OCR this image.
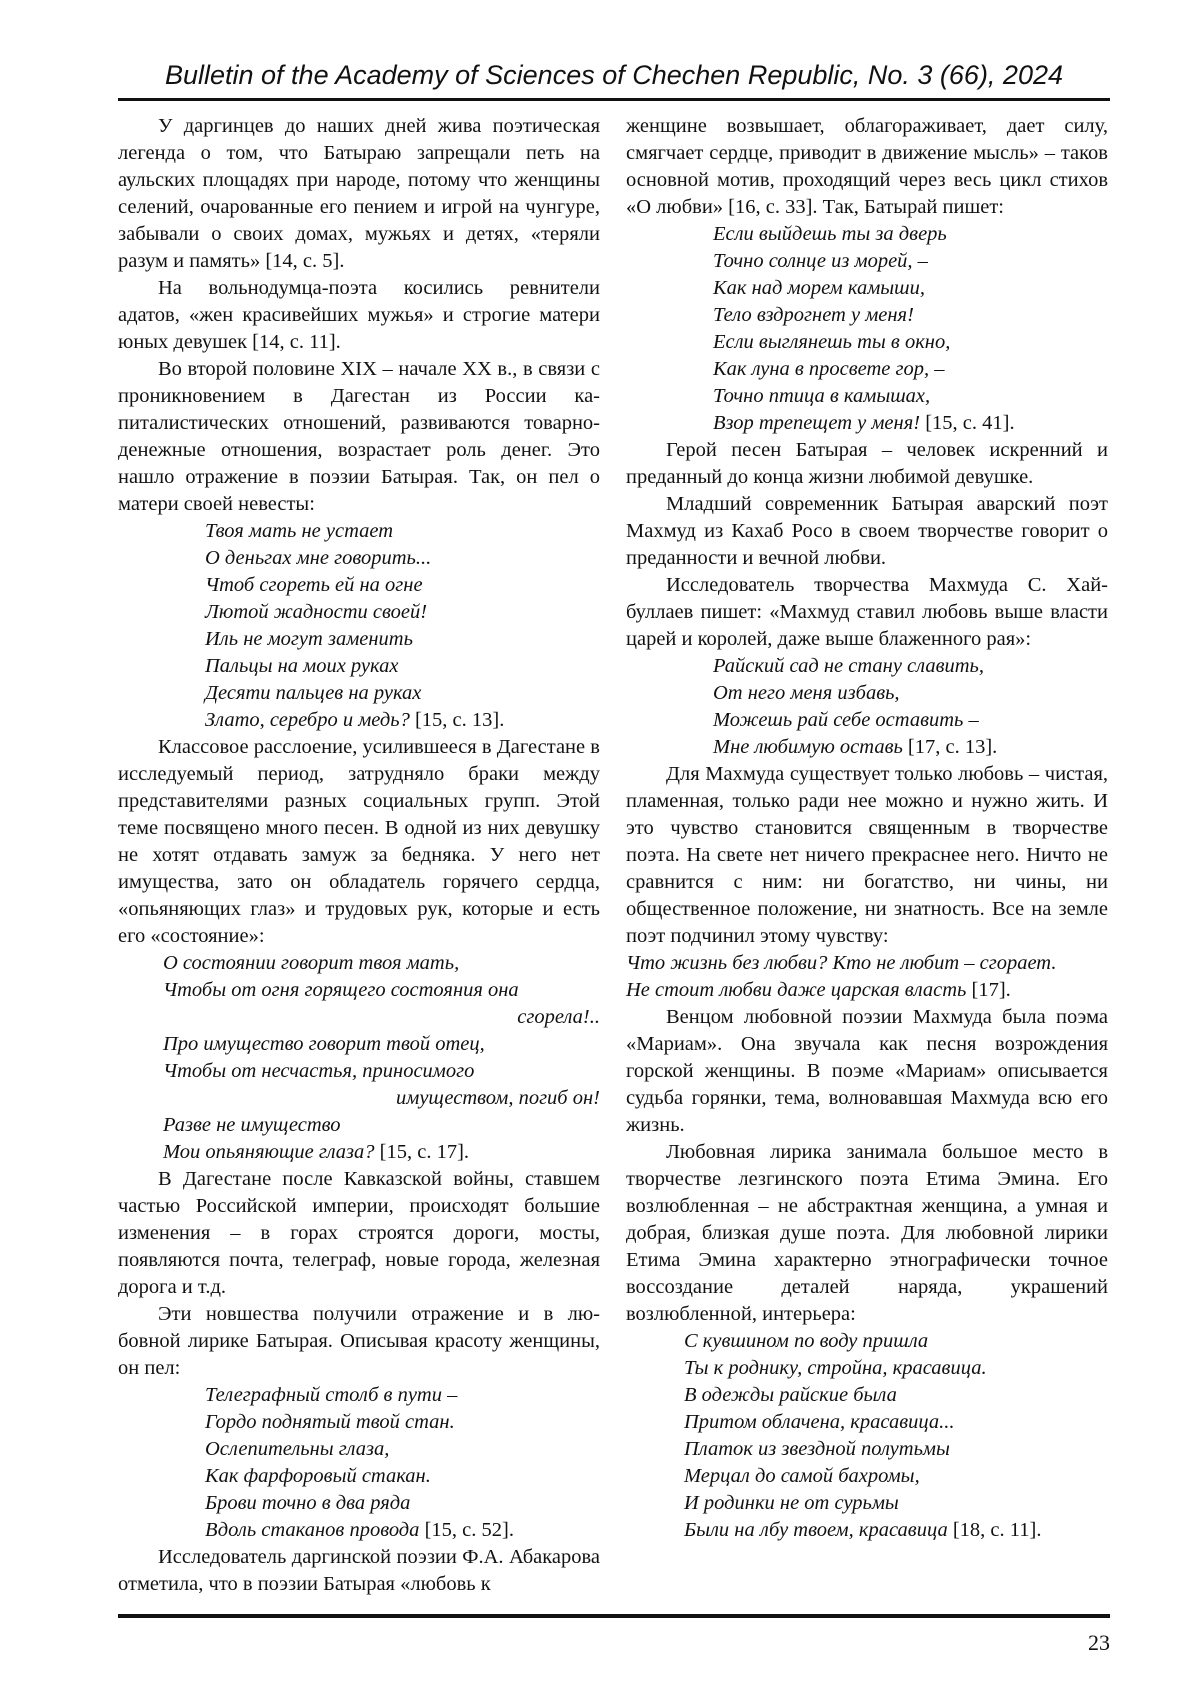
Bulletin of the Academy of Sciences of Chechen Republic, No. 3 (66), 2024

У даргинцев до наших дней жива поэтическая легенда о том, что Батыраю запрещали петь на аульских площадях при народе, потому что женщины селений, очарованные его пением и игрой на чунгуре, забывали о своих домах, мужьях и детях, «теряли разум и память» [14, с. 5].

На вольнодумца-поэта косились ревнители адатов, «жен красивейших мужья» и строгие матери юных девушек [14, с. 11].

Во второй половине XIX – начале XX в., в связи с проникновением в Дагестан из России капиталистических отношений, развиваются товарно-денежные отношения, возрастает роль денег. Это нашло отражение в поэзии Батырая. Так, он пел о матери своей невесты:

Твоя мать не устает
О деньгах мне говорить...
Чтоб сгореть ей на огне
Лютой жадности своей!
Иль не могут заменить
Пальцы на моих руках
Десяти пальцев на руках
Злато, серебро и медь? [15, с. 13].

Классовое расслоение, усилившееся в Дагестане в исследуемый период, затрудняло браки между представителями разных социальных групп. Этой теме посвящено много песен. В одной из них девушку не хотят отдавать замуж за бедняка. У него нет имущества, зато он обладатель горячего сердца, «опьяняющих глаз» и трудовых рук, которые и есть его «состояние»:

О состоянии говорит твоя мать,
Чтобы от огня горящего состояния она
сгорела!..
Про имущество говорит твой отец,
Чтобы от несчастья, приносимого
имуществом, погиб он!
Разве не имущество
Мои опьяняющие глаза? [15, с. 17].

В Дагестане после Кавказской войны, ставшем частью Российской империи, происходят большие изменения – в горах строятся дороги, мосты, появляются почта, телеграф, новые города, железная дорога и т.д.

Эти новшества получили отражение и в любовной лирике Батырая. Описывая красоту женщины, он пел:

Телеграфный столб в пути –
Гордо поднятый твой стан.
Ослепительны глаза,
Как фарфоровый стакан.
Брови точно в два ряда
Вдоль стаканов провода [15, с. 52].

Исследователь даргинской поэзии Ф.А. Абакарова отметила, что в поэзии Батырая «любовь к

женщине возвышает, облагораживает, дает силу, смягчает сердце, приводит в движение мысль» – таков основной мотив, проходящий через весь цикл стихов «О любви» [16, с. 33]. Так, Батырай пишет:

Если выйдешь ты за дверь
Точно солнце из морей, –
Как над морем камыши,
Тело вздрогнет у меня!
Если выглянешь ты в окно,
Как луна в просвете гор, –
Точно птица в камышах,
Взор трепещет у меня! [15, с. 41].

Герой песен Батырая – человек искренний и преданный до конца жизни любимой девушке.

Младший современник Батырая аварский поэт Махмуд из Кахаб Росо в своем творчестве говорит о преданности и вечной любви.

Исследователь творчества Махмуда С. Хайбуллаев пишет: «Махмуд ставил любовь выше власти царей и королей, даже выше блаженного рая»:

Райский сад не стану славить,
От него меня избавь,
Можешь рай себе оставить –
Мне любимую оставь [17, с. 13].

Для Махмуда существует только любовь – чистая, пламенная, только ради нее можно и нужно жить. И это чувство становится священным в творчестве поэта. На свете нет ничего прекраснее него. Ничто не сравнится с ним: ни богатство, ни чины, ни общественное положение, ни знатность. Все на земле поэт подчинил этому чувству:

Что жизнь без любви? Кто не любит – сгорает.
Не стоит любви даже царская власть [17].

Венцом любовной поэзии Махмуда была поэма «Мариам». Она звучала как песня возрождения горской женщины. В поэме «Мариам» описывается судьба горянки, тема, волновавшая Махмуда всю его жизнь.

Любовная лирика занимала большое место в творчестве лезгинского поэта Етима Эмина. Его возлюбленная – не абстрактная женщина, а умная и добрая, близкая душе поэта. Для любовной лирики Етима Эмина характерно этнографически точное воссоздание деталей наряда, украшений возлюбленной, интерьера:

С кувшином по воду пришла
Ты к роднику, стройна, красавица.
В одежды райские была
Притом облачена, красавица...
Платок из звездной полутьмы
Мерцал до самой бахромы,
И родинки не от сурьмы
Были на лбу твоем, красавица [18, с. 11].
23
